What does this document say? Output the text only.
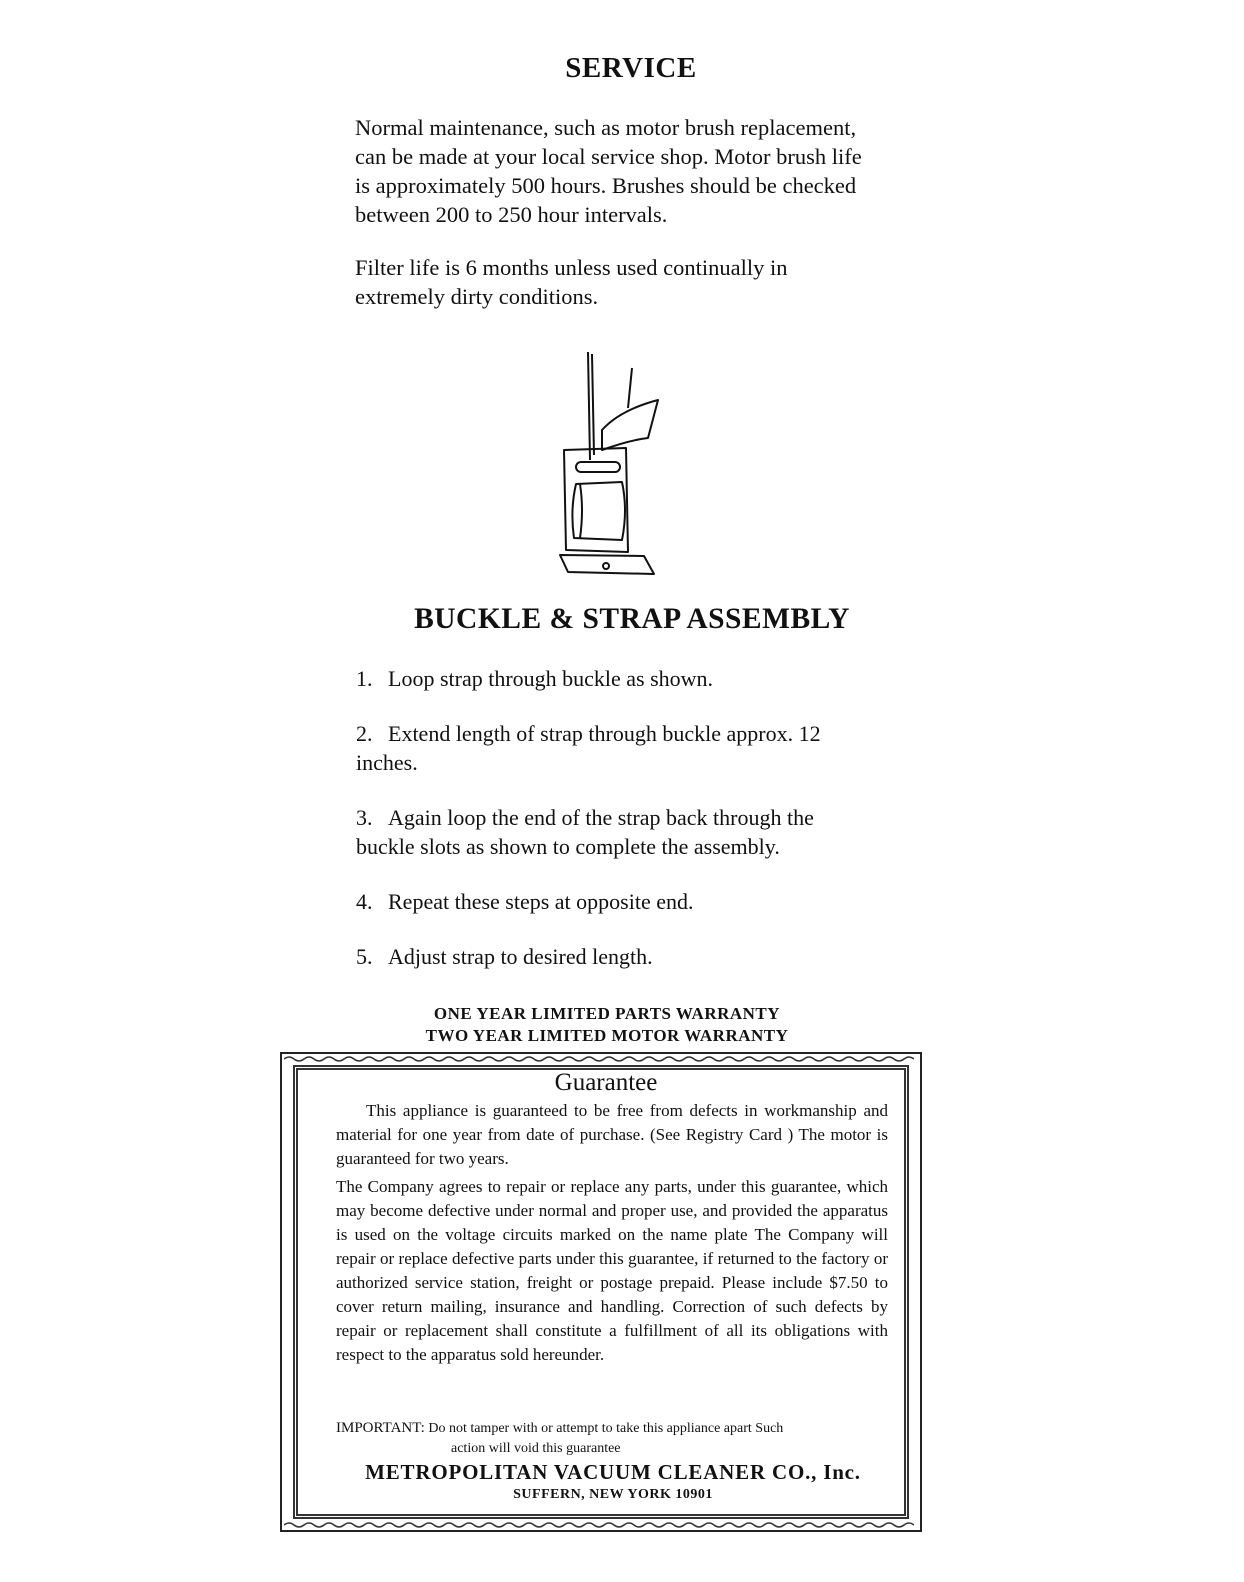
SERVICE

Normal maintenance, such as motor brush replacement, can be made at your local service shop. Motor brush life is approximately 500 hours. Brushes should be checked between 200 to 250 hour intervals.

Filter life is 6 months unless used continually in extremely dirty conditions.

BUCKLE & STRAP ASSEMBLY
1. Loop strap through buckle as shown.
2. Extend length of strap through buckle approx. 12 inches.
3. Again loop the end of the strap back through the buckle slots as shown to complete the assembly.
4. Repeat these steps at opposite end.
5. Adjust strap to desired length.
ONE YEAR LIMITED PARTS WARRANTY
TWO YEAR LIMITED MOTOR WARRANTY
Guarantee

This appliance is guaranteed to be free from defects in workmanship and material for one year from date of purchase. (See Registry Card ) The motor is guaranteed for two years.

The Company agrees to repair or replace any parts, under this guarantee, which may become defective under normal and proper use, and provided the apparatus is used on the voltage circuits marked on the name plate The Company will repair or replace defective parts under this guarantee, if returned to the factory or authorized service station, freight or postage prepaid. Please include $7.50 to cover return mailing, insurance and handling. Correction of such defects by repair or replacement shall constitute a fulfillment of all its obligations with respect to the apparatus sold hereunder.

IMPORTANT: Do not tamper with or attempt to take this appliance apart Such
action will void this guarantee
METROPOLITAN VACUUM CLEANER CO., Inc.
SUFFERN, NEW YORK 10901
